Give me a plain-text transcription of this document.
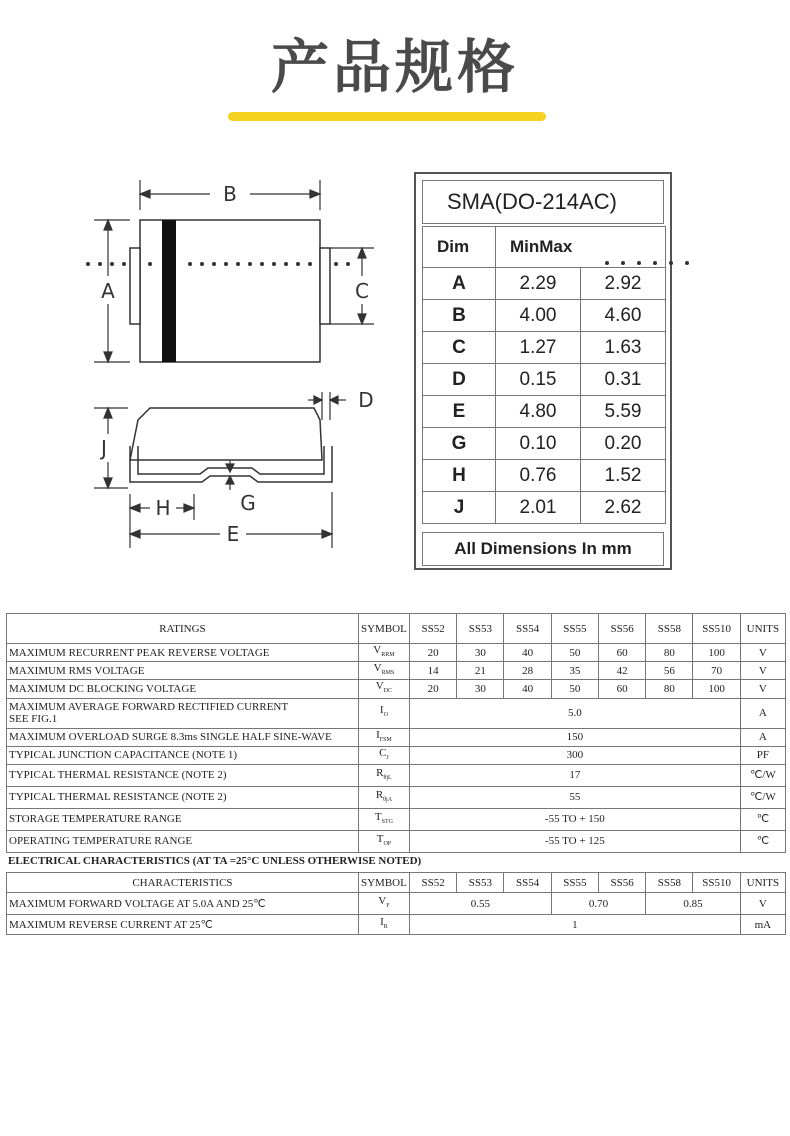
产品规格
B
A	C
D
J
H	G
E
SMA(DO-214AC)
Dim	MinMax	
A	2.29	2.92
B	4.00	4.60
C	1.27	1.63
D	0.15	0.31
E	4.80	5.59
G	0.10	0.20
H	0.76	1.52
J	2.01	2.62
All Dimensions In mm
RATINGS	SYMBOL	SS52	SS53	SS54	SS55	SS56	SS58	SS510	UNITS
MAXIMUM RECURRENT PEAK REVERSE VOLTAGE	$V_{RRM}$	20	30	40	50	60	80	100	V
MAXIMUM RMS VOLTAGE	$V_{RMS}$	14	21	28	35	42	56	70	V
MAXIMUM DC BLOCKING VOLTAGE	$V_{DC}$	20	30	40	50	60	80	100	V

MAXIMUM AVERAGE FORWARD RECTIFIED CURRENT
SEE FIG.1	$I_O$	5.0							A
MAXIMUM OVERLOAD SURGE 8.3ms SINGLE HALF SINE-WAVE	$I_{FSM}$	150							A
TYPICAL JUNCTION CAPACITANCE (NOTE 1)	$C_J$	300							PF
TYPICAL THERMAL RESISTANCE (NOTE 2)	$R_{\theta jL}$	17							℃/W
TYPICAL THERMAL RESISTANCE (NOTE 2)	$R_{\theta jA}$	55							℃/W
STORAGE TEMPERATURE RANGE	$T_{STG}$	-55 TO + 150							℃
OPERATING TEMPERATURE RANGE	$T_{OP}$	-55 TO + 125							℃
ELECTRICAL CHARACTERISTICS (AT TA =25°C UNLESS OTHERWISE NOTED)
CHARACTERISTICS	SYMBOL	SS52	SS53	SS54	SS55	SS56	SS58	SS510	UNITS
MAXIMUM FORWARD VOLTAGE AT 5.0A AND 25℃	$V_F$	0.55			0.70		0.85		V
MAXIMUM REVERSE CURRENT AT 25℃	$I_R$	1							mA
